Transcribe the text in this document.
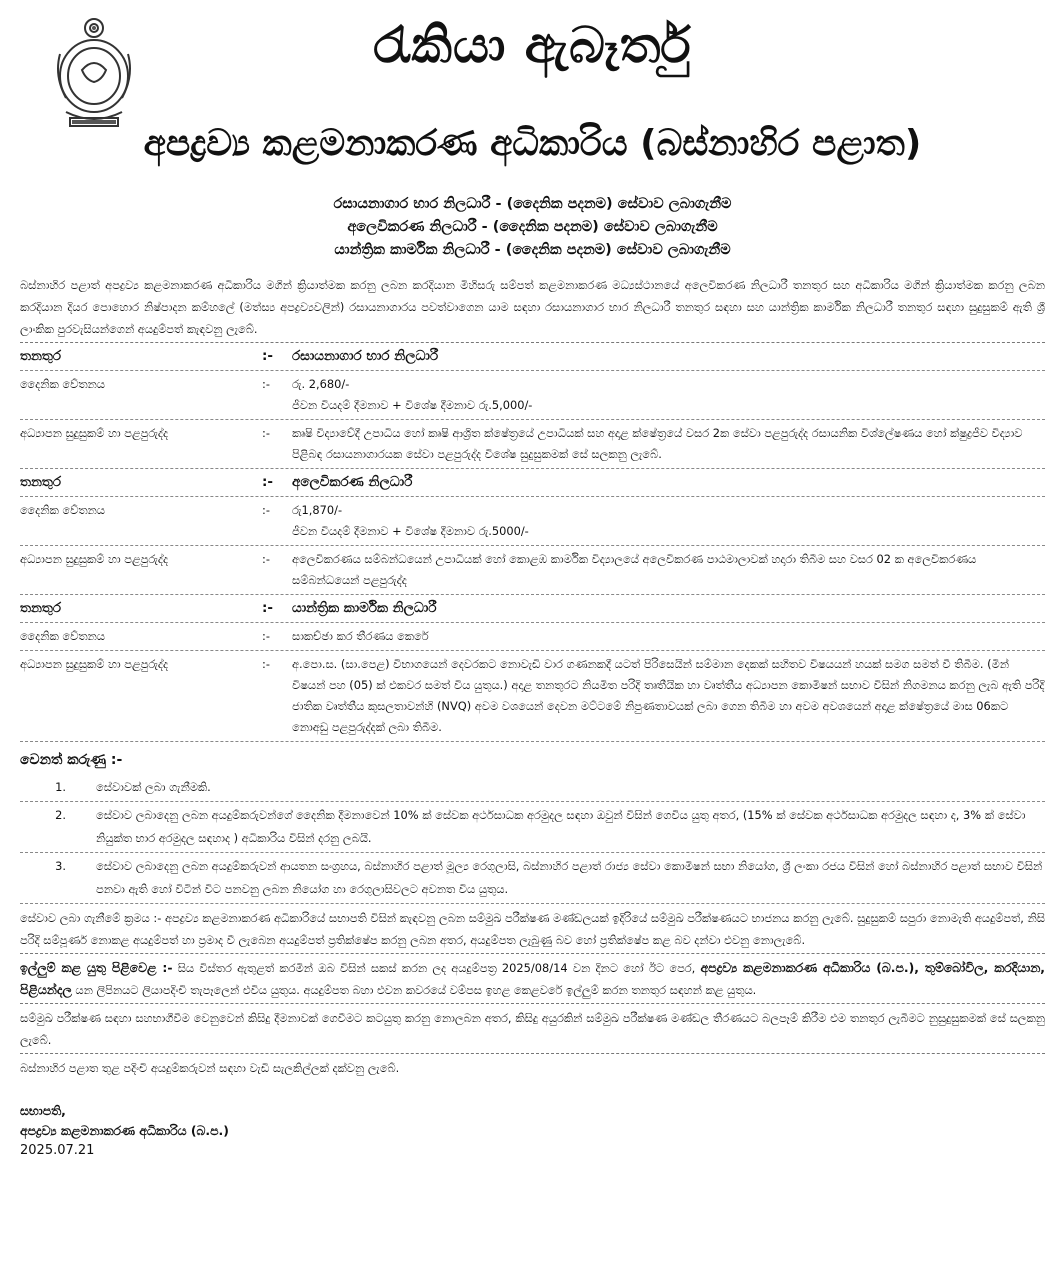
රැකියා ඇබෑර්තු
අපද්‍රව්‍ය කළමනාකරණ අධිකාරිය (බස්නාහිර පළාත)
රසායනාගාර භාර නිලධාරී - (දෛනික පදනම) සේවාව ලබාගැනීම
අලෙවිකරණ නිලධාරී - (දෛනික පදනම) සේවාව ලබාගැනීම
යාන්ත්‍රික කාර්මික නිලධාරී - (දෛනික පදනම) සේවාව ලබාගැනීම
බස්නාහිර පළාත් අපද්‍රව්‍ය කළමනාකරණ අධිකාරිය මගින් ක්‍රියාත්මක කරනු ලබන කරදියාන මිහිසරු සම්පත් කළමනාකරණ මධ්‍යස්ථානයේ අලෙවිකරණ නිලධාරී තනතුර සහ අධිකාරිය මගින් ක්‍රියාත්මක කරනු ලබන කරදියාන දියර පොහොර නිෂ්පාදන කම්හලේ (මත්ස්‍ය අපද්‍රව්‍යවලින්) රසායනාගාරය පවත්වාගෙන යාම සඳහා රසායනාගාර භාර නිලධාරී තනතුර සඳහා සහ යාන්ත්‍රික කාර්මික නිලධාරී තනතුර සඳහා සුදුසුකම් ඇති ශ්‍රී ලාංකික පුරවැසියන්ගෙන් අයදුම්පත් කැඳවනු ලැබේ.
තනතුර	:-	රසායනාගාර භාර නිලධාරී
දෛනික වේතනය	:-	රු. 2,680/-
ජීවන වියදම් දීමනාව + විශේෂ දීමනාව රු.5,000/-
අධ්‍යාපන සුදුසුකම් හා පළපුරුද්ද	:-	කෘෂි විද්‍යාවේදී උපාධිය හෝ කෘෂි ආශ්‍රිත ක්ෂේත්‍රයේ උපාධියක් සහ අදාළ ක්ෂේත්‍රයේ වසර 2ක සේවා පළපුරුද්ද රසායනික විශ්ලේෂණය හෝ ක්ෂුද්‍රජීව විද්‍යාව පිළිබඳ රසායනාගාරයක සේවා පළපුරුද්ද විශේෂ සුදුසුකමක් සේ සලකනු ලැබේ.
තනතුර	:-	අලෙවිකරණ නිලධාරී
දෛනික වේතනය	:-	රු1,870/-
ජීවන වියදම් දීමනාව + විශේෂ දීමනාව රු.5000/-
අධ්‍යාපන සුදුසුකම් හා පළපුරුද්ද	:-	අලෙවිකරණය සම්බන්ධයෙන් උපාධියක් හෝ කොළඹ කාර්මික විද්‍යාලයේ අලෙවිකරණ පාඨමාලාවක් හදාරා තිබීම සහ වසර 02 ක අලෙවිකරණය සම්බන්ධයෙන් පළපුරුද්ද
තනතුර	:-	යාන්ත්‍රික කාර්මික නිලධාරී
දෛනික වේතනය	:-	සාකච්ඡා කර තීරණය කෙරේ
අධ්‍යාපන සුදුසුකම් හා පළපුරුද්ද	:-	අ.පො.ස. (සා.පෙළ) විභාගයෙන් දෙවරකට නොවැඩි වාර ගණනකදී යටත් පිරිසෙයින් සම්මාන දෙකක් සහිතව විෂයයන් හයක් සමග සමත් වී තිබීම. (මින් විෂයන් පහ (05) ක් එකවර සමත් විය යුතුය.) අදාළ තනතුරට නියමිත පරිදි තෘතීයික හා වෘත්තීය අධ්‍යාපන කොමිෂන් සභාව විසින් නිගමනය කරනු ලැබ ඇති පරිදි ජාතික වෘත්තීය කුසලතාවන්හි (NVQ) අවම වශයෙන් දෙවන මට්ටමේ නිපුණතාවයක් ලබා ගෙන තිබීම හා අවම අවශයෙන් අදාළ ක්ෂේත්‍රයේ මාස 06කට නොඅඩු පළපුරුද්දක් ලබා තිබීම.
වෙනත් කරුණු :-
1.	සේවාවක් ලබා ගැනීමකි.
2.	සේවාව ලබාදෙනු ලබන අයදුම්කරුවන්ගේ දෛනික දීමනාවෙන් 10% ක් සේවක අර්ථසාධක අරමුදල සඳහා ඔවුන් විසින් ගෙවිය යුතු අතර, (15% ක් සේවක අර්ථසාධක අරමුදල සඳහා ද, 3% ක් සේවා නියුක්ත භාර අරමුදල සඳහාද ) අධිකාරිය විසින් දරනු ලබයි.
3.	සේවාව ලබාදෙනු ලබන අයදුම්කරුවන් ආයතන සංග්‍රහය, බස්නාහිර පළාත් මූල්‍ය රෙගුලාසි, බස්නාහිර පළාත් රාජ්‍ය සේවා කොමිෂන් සභා නියෝග, ශ්‍රී ලංකා රජය විසින් හෝ බස්නාහිර පළාත් සභාව විසින් පනවා ඇති හෝ විටින් විට පනවනු ලබන නියෝග හා රෙගුලාසිවලට අවනත විය යුතුය.
සේවාව ලබා ගැනීමේ ක්‍රමය :- අපද්‍රව්‍ය කළමනාකරණ අධිකාරියේ සභාපති විසින් කැඳවනු ලබන සම්මුඛ පරීක්ෂණ මණ්ඩලයක් ඉදිරියේ සම්මුඛ පරීක්ෂණයට භාජනය කරනු ලැබේ. සුදුසුකම් සපුරා නොමැති අයදුම්පත්, නිසි පරිදි සම්පූර්ණ නොකළ අයදුම්පත් හා ප්‍රමාද වී ලැබෙන අයදුම්පත් ප්‍රතික්ෂේප කරනු ලබන අතර, අයදුම්පත ලැබුණු බව හෝ ප්‍රතික්ෂේප කළ බව දන්වා එවනු නොලැබේ.
ඉල්ලුම් කළ යුතු පිළිවෙළ :- සිය විස්තර ඇතුළත් කරමින් ඔබ විසින් සකස් කරන ලද අයදුම්පත්‍ර 2025/08/14 වන දිනට හෝ ඊට පෙර, අපද්‍රව්‍ය කළමනාකරණ අධිකාරිය (බ.ප.), තුම්බෝවිල, කරදියාන, පිළියන්දල යන ලිපිනයට ලියාපදිංචි තැපෑලෙන් එවිය යුතුය. අයදුම්පත බහා එවන කවරයේ වම්පස ඉහළ කෙළවරේ ඉල්ලුම් කරන තනතුර සඳහන් කළ යුතුය.
සම්මුඛ පරීක්ෂණ සඳහා සහභාගීවීම වෙනුවෙන් කිසිදු දීමනාවක් ගෙවීමට කටයුතු කරනු නොලබන අතර, කිසිදු අයුරකින් සම්මුඛ පරීක්ෂණ මණ්ඩල තීරණයට බලපෑම් කිරීම එම තනතුර ලැබීමට නුසුදුසුකමක් සේ සලකනු ලැබේ.
බස්නාහිර පළාත තුළ පදිංචි අයදුම්කරුවන් සඳහා වැඩි සැලකිල්ලක් දක්වනු ලැබේ.
සභාපති,
අපද්‍රව්‍ය කළමනාකරණ අධිකාරිය (බ.ප.)
2025.07.21
